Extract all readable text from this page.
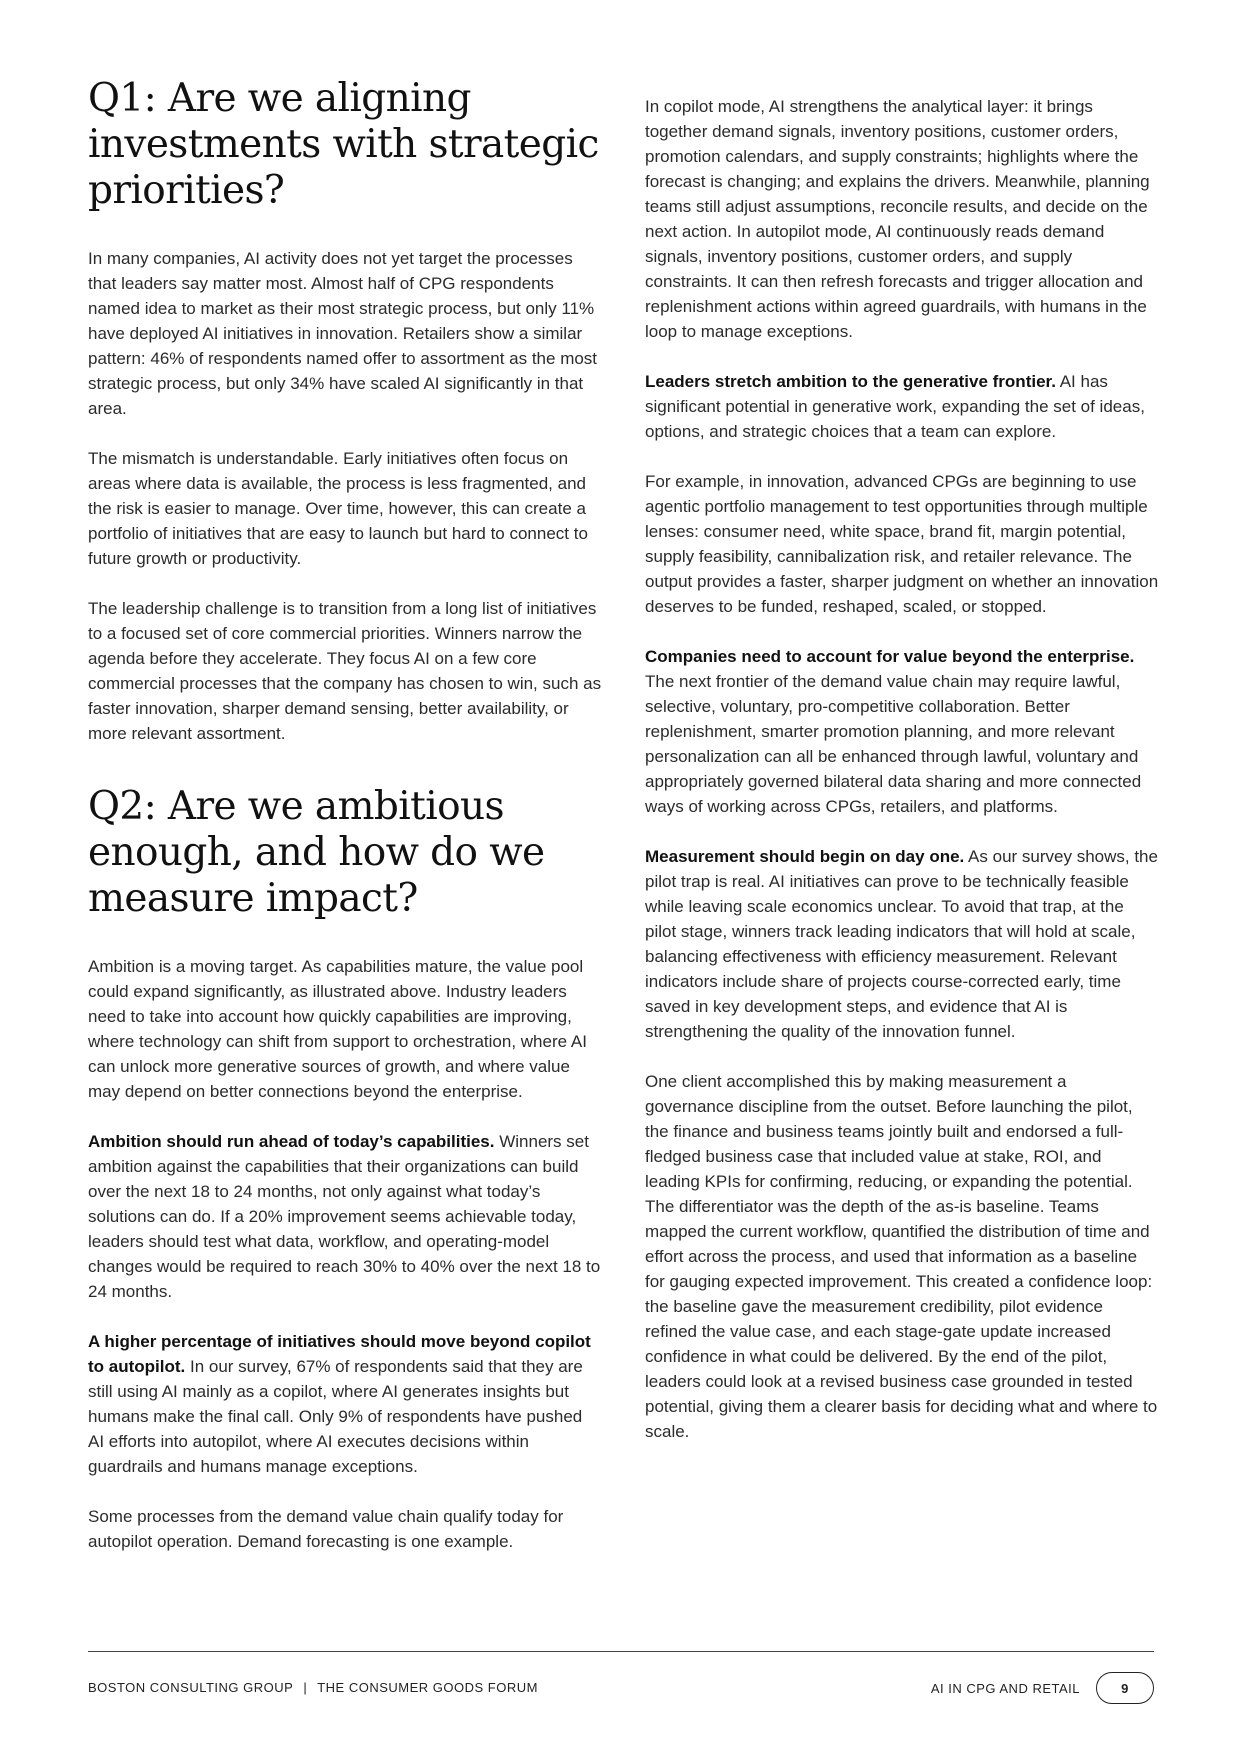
Q1: Are we aligning investments with strategic priorities?

In many companies, AI activity does not yet target the processes that leaders say matter most. Almost half of CPG respondents named idea to market as their most strategic process, but only 11% have deployed AI initiatives in innovation. Retailers show a similar pattern: 46% of respondents named offer to assortment as the most strategic process, but only 34% have scaled AI significantly in that area.

The mismatch is understandable. Early initiatives often focus on areas where data is available, the process is less fragmented, and the risk is easier to manage. Over time, however, this can create a portfolio of initiatives that are easy to launch but hard to connect to future growth or productivity.

The leadership challenge is to transition from a long list of initiatives to a focused set of core commercial priorities. Winners narrow the agenda before they accelerate. They focus AI on a few core commercial processes that the company has chosen to win, such as faster innovation, sharper demand sensing, better availability, or more relevant assortment.

Q2: Are we ambitious enough, and how do we measure impact?

Ambition is a moving target. As capabilities mature, the value pool could expand significantly, as illustrated above. Industry leaders need to take into account how quickly capabilities are improving, where technology can shift from support to orchestration, where AI can unlock more generative sources of growth, and where value may depend on better connections beyond the enterprise.

Ambition should run ahead of today’s capabilities. Winners set ambition against the capabilities that their organizations can build over the next 18 to 24 months, not only against what today’s solutions can do. If a 20% improvement seems achievable today, leaders should test what data, workflow, and operating-model changes would be required to reach 30% to 40% over the next 18 to 24 months.

A higher percentage of initiatives should move beyond copilot to autopilot. In our survey, 67% of respondents said that they are still using AI mainly as a copilot, where AI generates insights but humans make the final call. Only 9% of respondents have pushed AI efforts into autopilot, where AI executes decisions within guardrails and humans manage exceptions.

Some processes from the demand value chain qualify today for autopilot operation. Demand forecasting is one example.

In copilot mode, AI strengthens the analytical layer: it brings together demand signals, inventory positions, customer orders, promotion calendars, and supply constraints; highlights where the forecast is changing; and explains the drivers. Meanwhile, planning teams still adjust assumptions, reconcile results, and decide on the next action. In autopilot mode, AI continuously reads demand signals, inventory positions, customer orders, and supply constraints. It can then refresh forecasts and trigger allocation and replenishment actions within agreed guardrails, with humans in the loop to manage exceptions.

Leaders stretch ambition to the generative frontier. AI has significant potential in generative work, expanding the set of ideas, options, and strategic choices that a team can explore.

For example, in innovation, advanced CPGs are beginning to use agentic portfolio management to test opportunities through multiple lenses: consumer need, white space, brand fit, margin potential, supply feasibility, cannibalization risk, and retailer relevance. The output provides a faster, sharper judgment on whether an innovation deserves to be funded, reshaped, scaled, or stopped.

Companies need to account for value beyond the enterprise. The next frontier of the demand value chain may require lawful, selective, voluntary, pro-competitive collaboration. Better replenishment, smarter promotion planning, and more relevant personalization can all be enhanced through lawful, voluntary and appropriately governed bilateral data sharing and more connected ways of working across CPGs, retailers, and platforms.

Measurement should begin on day one. As our survey shows, the pilot trap is real. AI initiatives can prove to be technically feasible while leaving scale economics unclear. To avoid that trap, at the pilot stage, winners track leading indicators that will hold at scale, balancing effectiveness with efficiency measurement. Relevant indicators include share of projects course-corrected early, time saved in key development steps, and evidence that AI is strengthening the quality of the innovation funnel.

One client accomplished this by making measurement a governance discipline from the outset. Before launching the pilot, the finance and business teams jointly built and endorsed a full-fledged business case that included value at stake, ROI, and leading KPIs for confirming, reducing, or expanding the potential. The differentiator was the depth of the as-is baseline. Teams mapped the current workflow, quantified the distribution of time and effort across the process, and used that information as a baseline for gauging expected improvement. This created a confidence loop: the baseline gave the measurement credibility, pilot evidence refined the value case, and each stage-gate update increased confidence in what could be delivered. By the end of the pilot, leaders could look at a revised business case grounded in tested potential, giving them a clearer basis for deciding what and where to scale.

BOSTON CONSULTING GROUP | THE CONSUMER GOODS FORUM	AI IN CPG AND RETAIL	9
